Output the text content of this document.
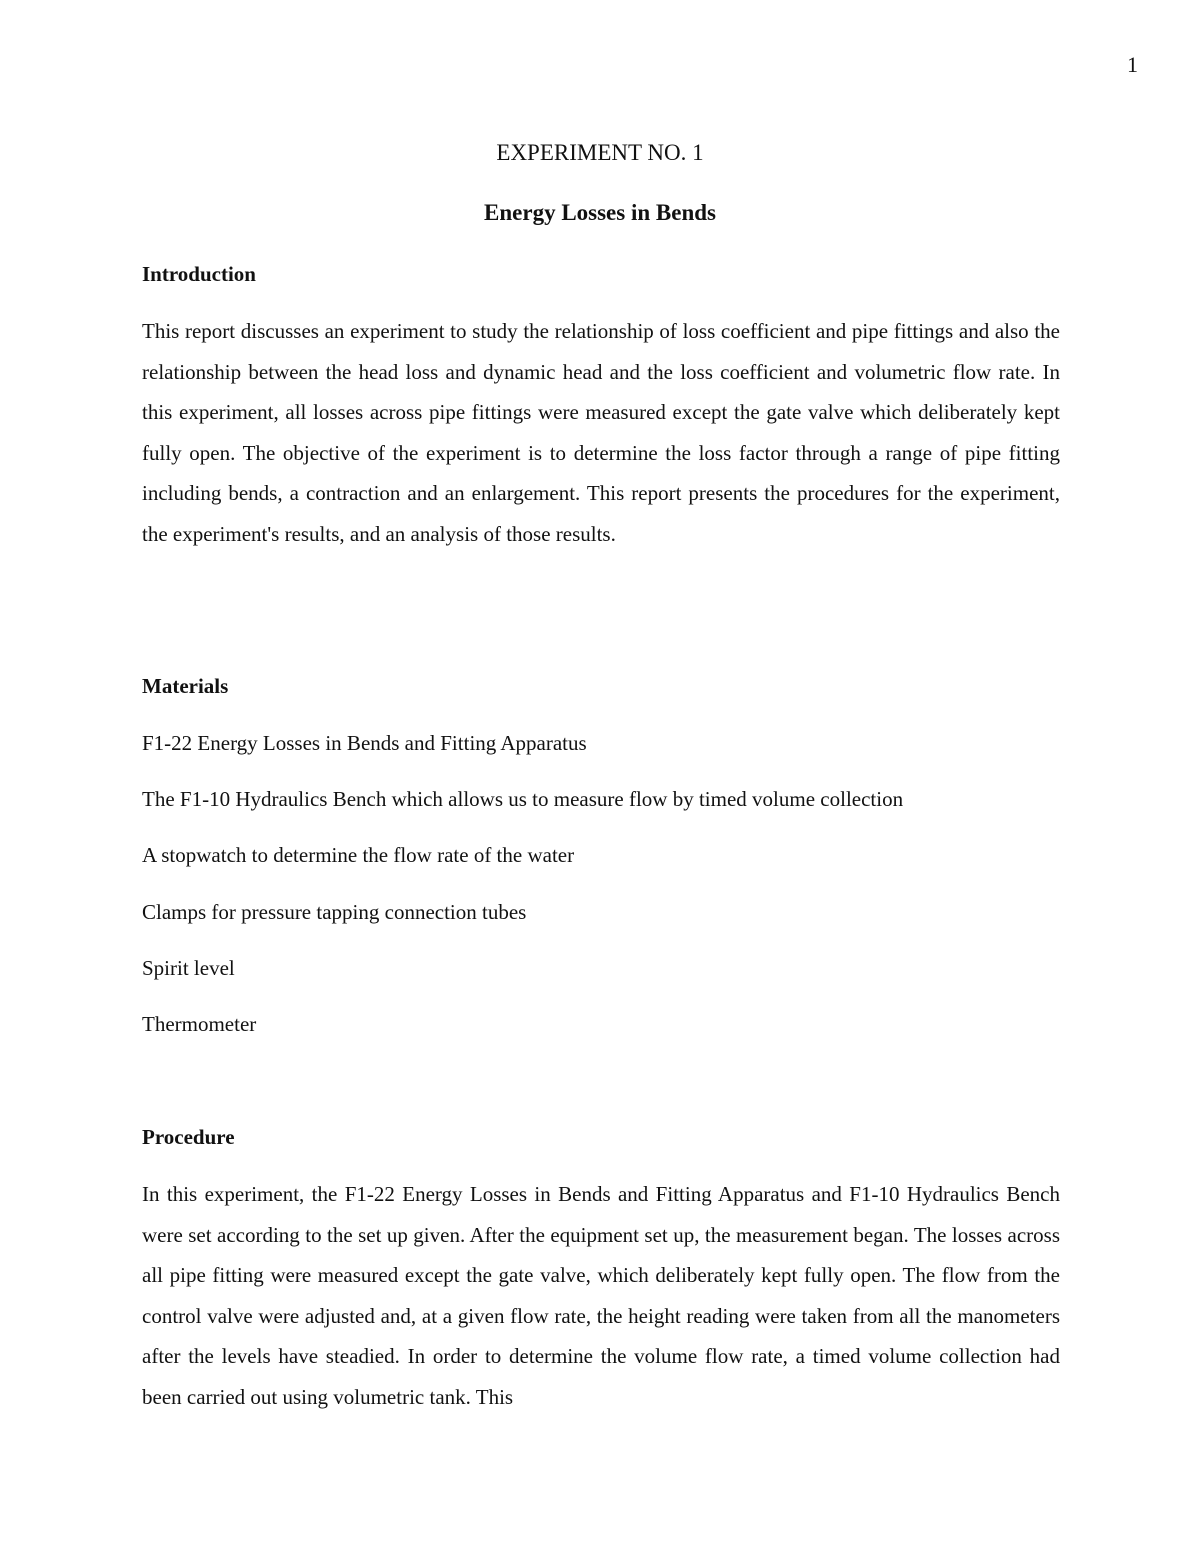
1
EXPERIMENT NO. 1
Energy Losses in Bends
Introduction

This report discusses an experiment to study the relationship of loss coefficient and pipe fittings and also the relationship between the head loss and dynamic head and the loss coefficient and volumetric flow rate. In this experiment, all losses across pipe fittings were measured except the gate valve which deliberately kept fully open. The objective of the experiment is to determine the loss factor through a range of pipe fitting including bends, a contraction and an enlargement. This report presents the procedures for the experiment, the experiment's results, and an analysis of those results.

Materials
F1-22 Energy Losses in Bends and Fitting Apparatus
The F1-10 Hydraulics Bench which allows us to measure flow by timed volume collection
A stopwatch to determine the flow rate of the water
Clamps for pressure tapping connection tubes
Spirit level
Thermometer
Procedure

In this experiment, the F1-22 Energy Losses in Bends and Fitting Apparatus and F1-10 Hydraulics Bench were set according to the set up given. After the equipment set up, the measurement began. The losses across all pipe fitting were measured except the gate valve, which deliberately kept fully open. The flow from the control valve were adjusted and, at a given flow rate, the height reading were taken from all the manometers after the levels have steadied. In order to determine the volume flow rate, a timed volume collection had been carried out using volumetric tank. This
